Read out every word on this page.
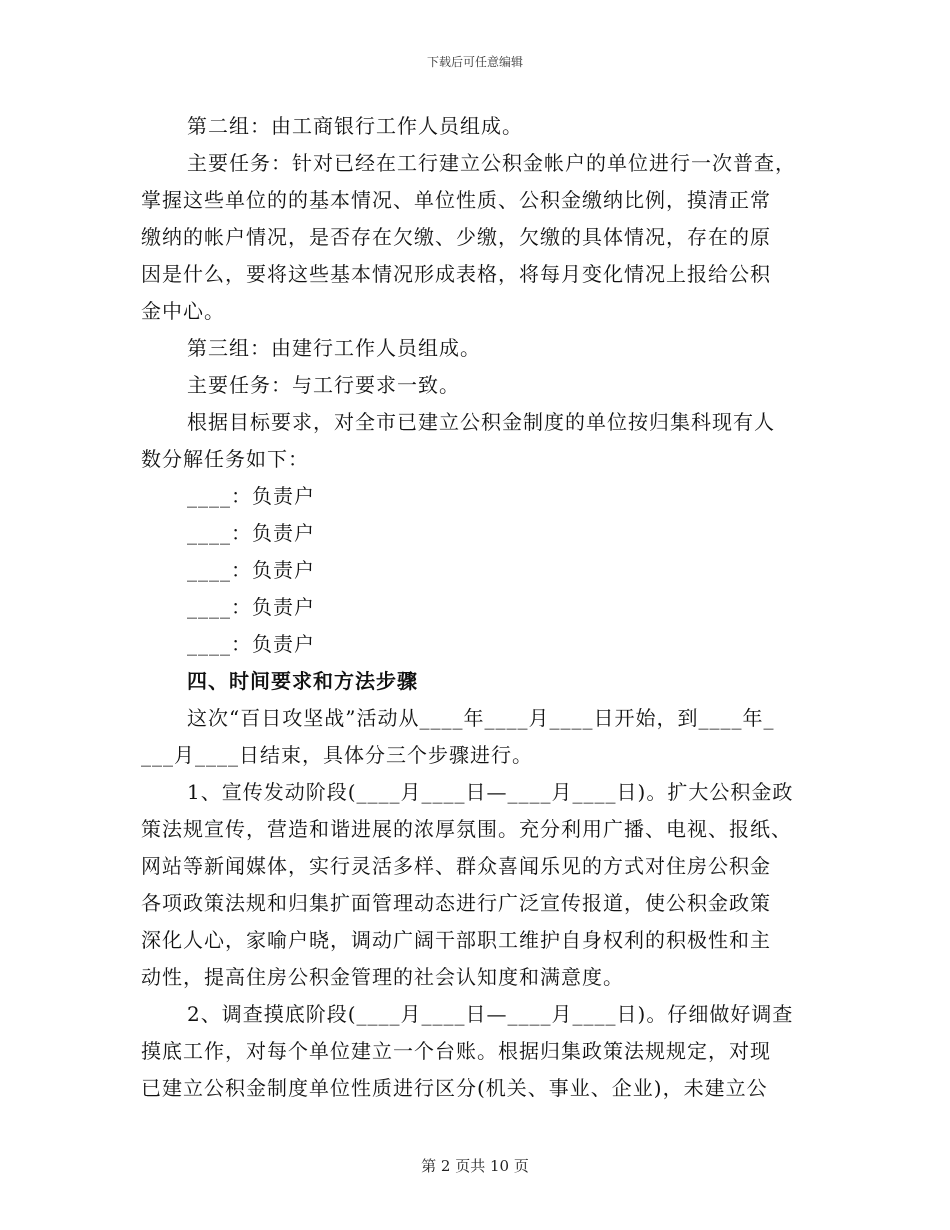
下载后可任意编辑
第二组：由工商银行工作人员组成。
主要任务：针对已经在工行建立公积金帐户的单位进行一次普查，
掌握这些单位的的基本情况、单位性质、公积金缴纳比例，摸清正常
缴纳的帐户情况，是否存在欠缴、少缴，欠缴的具体情况，存在的原
因是什么，要将这些基本情况形成表格，将每月变化情况上报给公积
金中心。
第三组：由建行工作人员组成。
主要任务：与工行要求一致。
根据目标要求，对全市已建立公积金制度的单位按归集科现有人
数分解任务如下：
____：负责户
____：负责户
____：负责户
____：负责户
____：负责户
四、时间要求和方法步骤
这次“百日攻坚战”活动从____年____月____日开始，到____年_
___月____日结束，具体分三个步骤进行。
1、宣传发动阶段(____月____日—____月____日)。扩大公积金政
策法规宣传，营造和谐进展的浓厚氛围。充分利用广播、电视、报纸、
网站等新闻媒体，实行灵活多样、群众喜闻乐见的方式对住房公积金
各项政策法规和归集扩面管理动态进行广泛宣传报道，使公积金政策
深化人心，家喻户晓，调动广阔干部职工维护自身权利的积极性和主
动性，提高住房公积金管理的社会认知度和满意度。
2、调查摸底阶段(____月____日—____月____日)。仔细做好调查
摸底工作，对每个单位建立一个台账。根据归集政策法规规定，对现
已建立公积金制度单位性质进行区分(机关、事业、企业)，未建立公
第 2 页共 10 页
